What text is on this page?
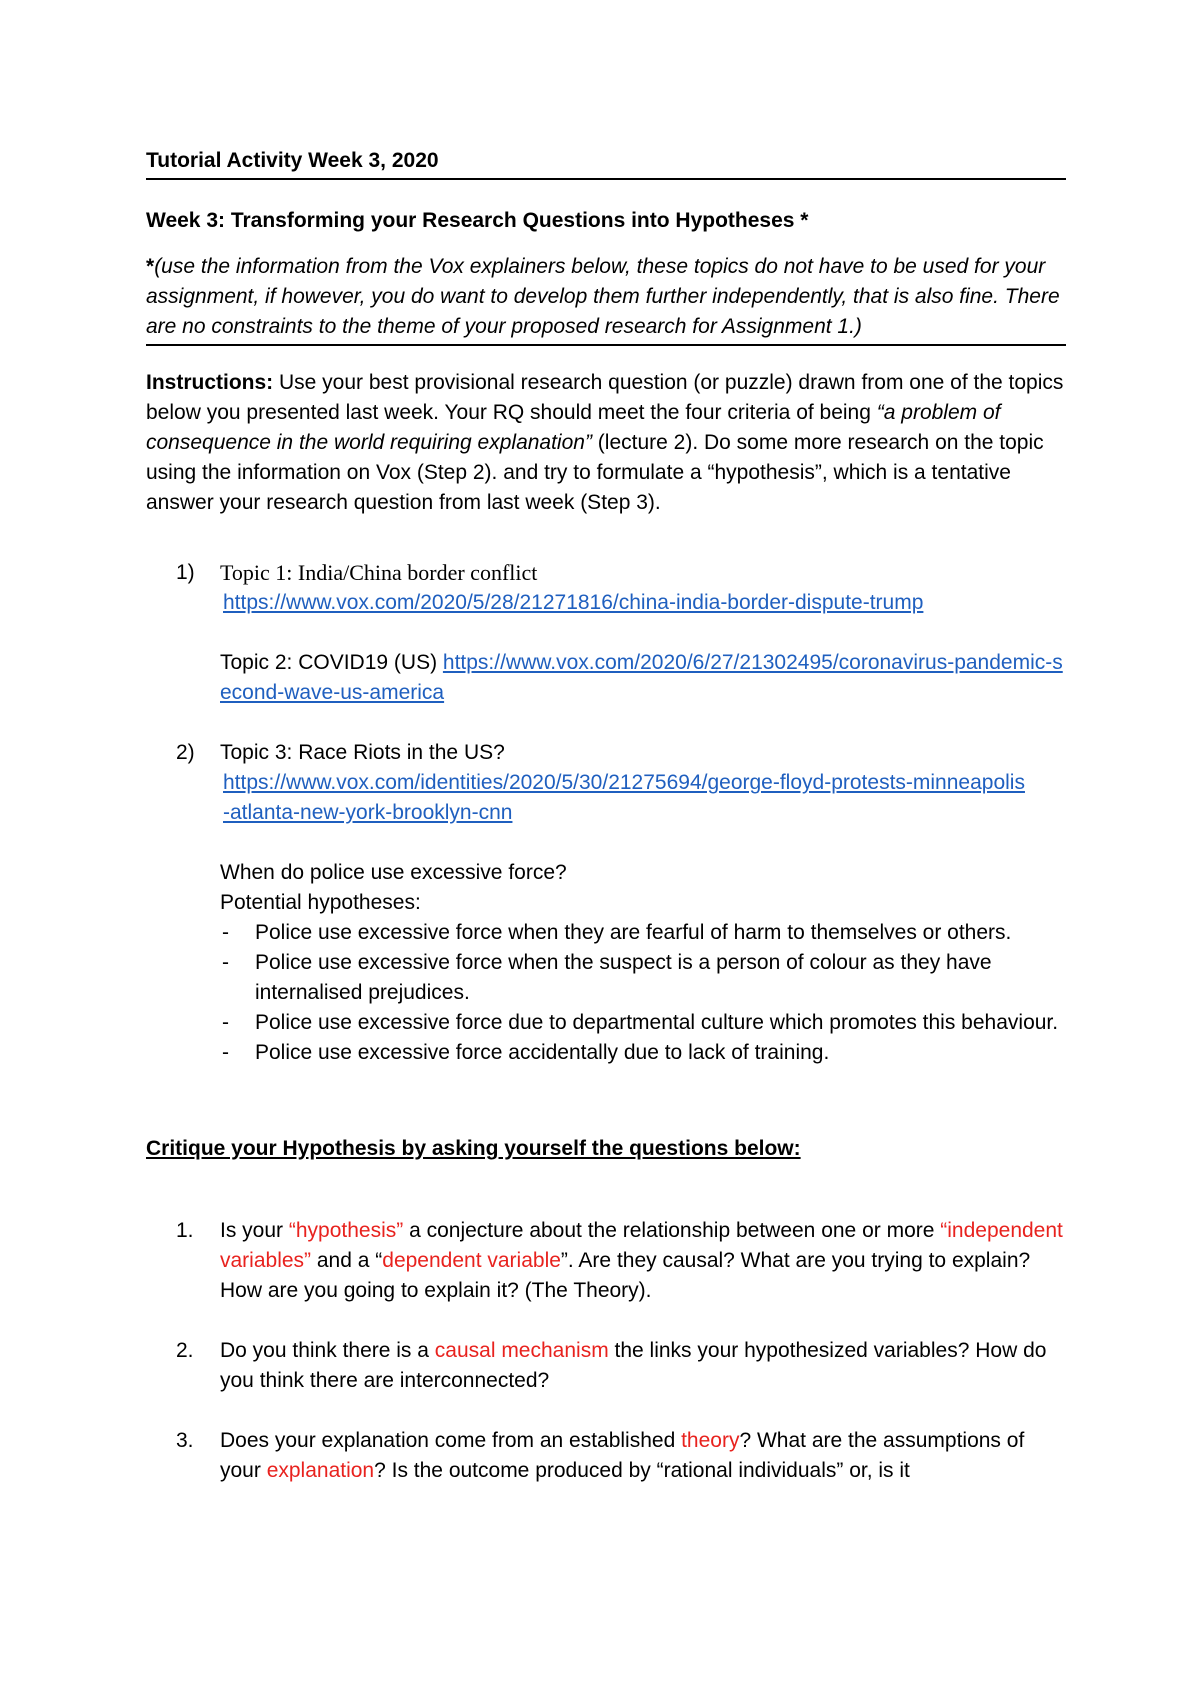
Tutorial Activity Week 3, 2020
Week 3: Transforming your Research Questions into Hypotheses *
*(use the information from the Vox explainers below, these topics do not have to be used for your assignment, if however, you do want to develop them further independently, that is also fine. There are no constraints to the theme of your proposed research for Assignment 1.)
Instructions: Use your best provisional research question (or puzzle) drawn from one of the topics below you presented last week. Your RQ should meet the four criteria of being “a problem of consequence in the world requiring explanation” (lecture 2). Do some more research on the topic using the information on Vox (Step 2). and try to formulate a “hypothesis”, which is a tentative answer your research question from last week (Step 3).
1) Topic 1: India/China border conflict
https://www.vox.com/2020/5/28/21271816/china-india-border-dispute-trump
Topic 2: COVID19 (US) https://www.vox.com/2020/6/27/21302495/coronavirus-pandemic-second-wave-us-america
2) Topic 3: Race Riots in the US?
https://www.vox.com/identities/2020/5/30/21275694/george-floyd-protests-minneapolis-atlanta-new-york-brooklyn-cnn
When do police use excessive force?
Potential hypotheses:
- Police use excessive force when they are fearful of harm to themselves or others.
- Police use excessive force when the suspect is a person of colour as they have internalised prejudices.
- Police use excessive force due to departmental culture which promotes this behaviour.
- Police use excessive force accidentally due to lack of training.
Critique your Hypothesis by asking yourself the questions below:
1. Is your “hypothesis” a conjecture about the relationship between one or more “independent variables” and a “dependent variable”. Are they causal? What are you trying to explain? How are you going to explain it? (The Theory).
2. Do you think there is a causal mechanism the links your hypothesized variables? How do you think there are interconnected?
3. Does your explanation come from an established theory? What are the assumptions of your explanation? Is the outcome produced by “rational individuals” or, is it
